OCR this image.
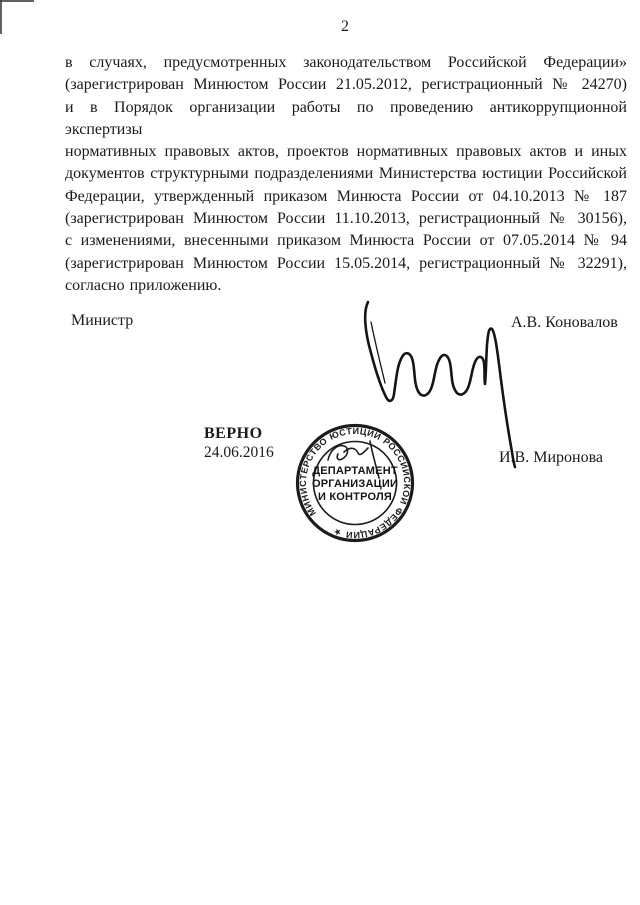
2
в случаях, предусмотренных законодательством Российской Федерации»
(зарегистрирован Минюстом России 21.05.2012, регистрационный № 24270)
и в Порядок организации работы по проведению антикоррупционной экспертизы
нормативных правовых актов, проектов нормативных правовых актов и иных
документов структурными подразделениями Министерства юстиции Российской
Федерации, утвержденный приказом Минюста России от 04.10.2013 № 187
(зарегистрирован Минюстом России 11.10.2013, регистрационный № 30156),
с изменениями, внесенными приказом Минюста России от 07.05.2014 № 94
(зарегистрирован Минюстом России 15.05.2014, регистрационный № 32291),
согласно приложению.
Министр	А.В. Коновалов
ВЕРНО
24.06.2016
МИНИСТЕРСТВО ЮСТИЦИИ РОССИЙСКОЙ ФЕДЕРАЦИИ ★
ДЕПАРТАМЕНТ
ОРГАНИЗАЦИИ
И КОНТРОЛЯ
И.В. Миронова
